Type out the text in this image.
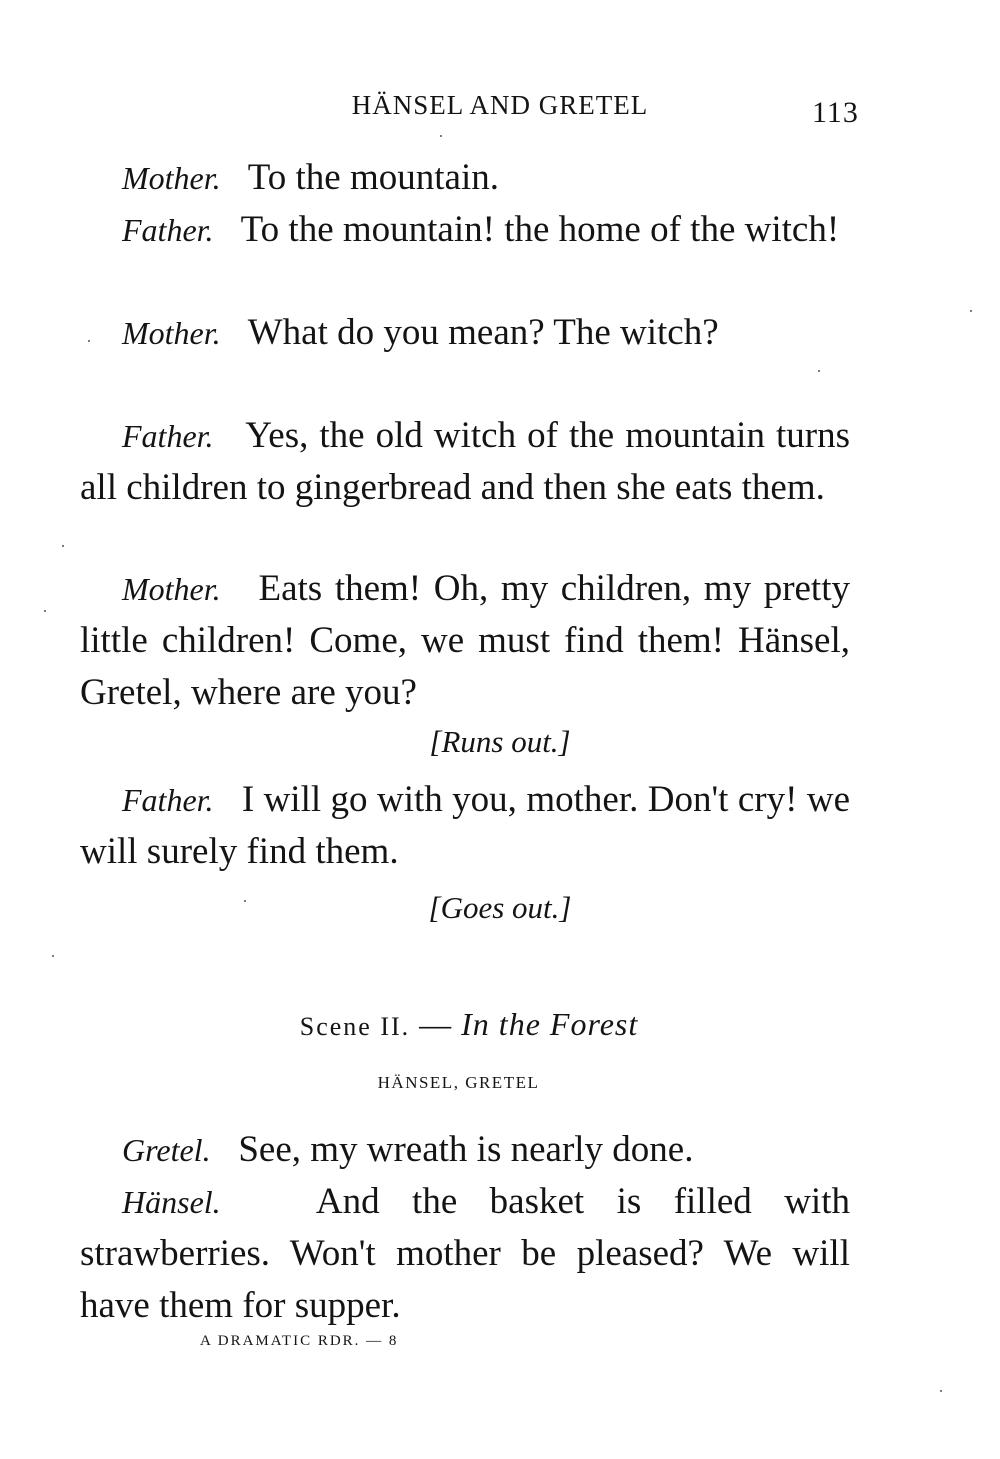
HÄNSEL AND GRETEL	113

Mother. To the mountain.

Father. To the mountain! the home of the witch!

Mother. What do you mean? The witch?

Father. Yes, the old witch of the mountain turns all children to gingerbread and then she eats them.

Mother. Eats them! Oh, my children, my pretty little children! Come, we must find them! Hänsel, Gretel, where are you?

[Runs out.]

Father. I will go with you, mother. Don't cry! we will surely find them.

[Goes out.]
Scene II. — In the Forest
HÄNSEL, GRETEL

Gretel. See, my wreath is nearly done.

Hänsel.	And the basket is filled with strawberries. Won't mother be pleased? We will have them for supper.

A DRAMATIC RDR. — 8
